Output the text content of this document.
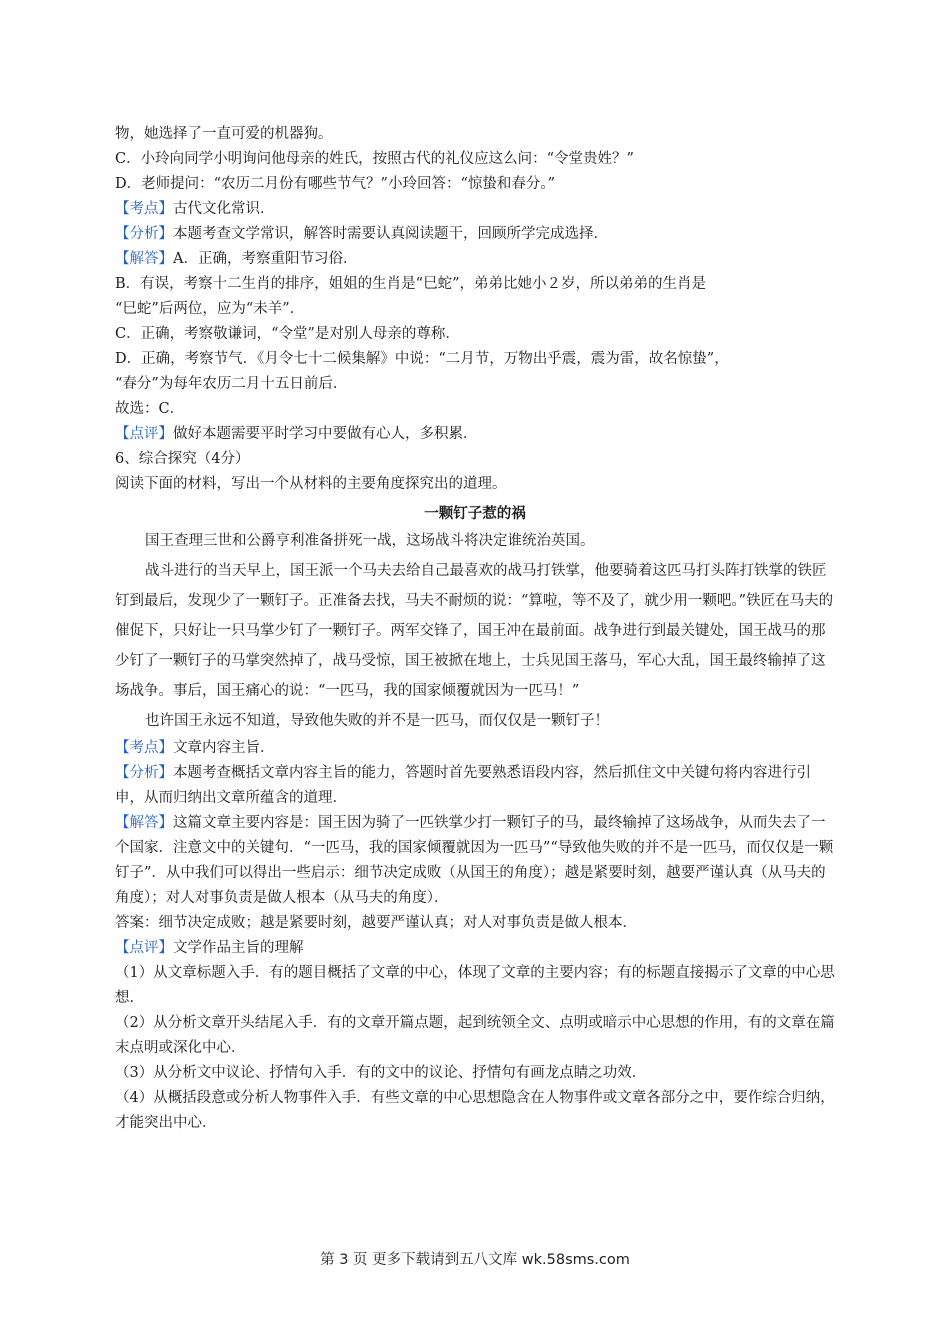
物，她选择了一直可爱的机器狗。

C．小玲向同学小明询问他母亲的姓氏，按照古代的礼仪应这么问：“令堂贵姓？”

D．老师提问：“农历二月份有哪些节气？”小玲回答：“惊蛰和春分。”

【考点】古代文化常识．

【分析】本题考查文学常识，解答时需要认真阅读题干，回顾所学完成选择．

【解答】A．正确，考察重阳节习俗．

B．有误，考察十二生肖的排序，姐姐的生肖是“巳蛇”，弟弟比她小２岁，所以弟弟的生肖是

“巳蛇”后两位，应为“未羊”．

C．正确，考察敬谦词，“令堂”是对别人母亲的尊称．

D．正确，考察节气．《月令七十二候集解》中说：“二月节，万物出乎震，震为雷，故名惊蛰”，

“春分”为每年农历二月十五日前后．

故选：C．

【点评】做好本题需要平时学习中要做有心人，多积累．

6、综合探究（4分）

阅读下面的材料，写出一个从材料的主要角度探究出的道理。

一颗钉子惹的祸

国王查理三世和公爵亨利准备拼死一战，这场战斗将决定谁统治英国。

战斗进行的当天早上，国王派一个马夫去给自己最喜欢的战马打铁掌，他要骑着这匹马打头阵打铁掌的铁匠钉到最后，发现少了一颗钉子。正准备去找，马夫不耐烦的说：“算啦，等不及了，就少用一颗吧。”铁匠在马夫的催促下，只好让一只马掌少钉了一颗钉子。两军交锋了，国王冲在最前面。战争进行到最关键处，国王战马的那少钉了一颗钉子的马掌突然掉了，战马受惊，国王被掀在地上，士兵见国王落马，军心大乱，国王最终输掉了这场战争。事后，国王痛心的说：“一匹马，我的国家倾覆就因为一匹马！”

也许国王永远不知道，导致他失败的并不是一匹马，而仅仅是一颗钉子！

【考点】文章内容主旨．

【分析】本题考查概括文章内容主旨的能力，答题时首先要熟悉语段内容，然后抓住文中关键句将内容进行引申，从而归纳出文章所蕴含的道理．

【解答】这篇文章主要内容是：国王因为骑了一匹铁掌少打一颗钉子的马，最终输掉了这场战争，从而失去了一个国家．注意文中的关键句．“一匹马，我的国家倾覆就因为一匹马”“导致他失败的并不是一匹马，而仅仅是一颗钉子”．从中我们可以得出一些启示：细节决定成败（从国王的角度）；越是紧要时刻，越要严谨认真（从马夫的角度）；对人对事负责是做人根本（从马夫的角度）．

答案：细节决定成败；越是紧要时刻，越要严谨认真；对人对事负责是做人根本．

【点评】文学作品主旨的理解

（1）从文章标题入手．有的题目概括了文章的中心，体现了文章的主要内容；有的标题直接揭示了文章的中心思想．

（2）从分析文章开头结尾入手．有的文章开篇点题，起到统领全文、点明或暗示中心思想的作用，有的文章在篇末点明或深化中心．

（3）从分析文中议论、抒情句入手．有的文中的议论、抒情句有画龙点睛之功效．

（4）从概括段意或分析人物事件入手．有些文章的中心思想隐含在人物事件或文章各部分之中，要作综合归纳，才能突出中心．

第 3 页 更多下载请到五八文库 wk.58sms.com
